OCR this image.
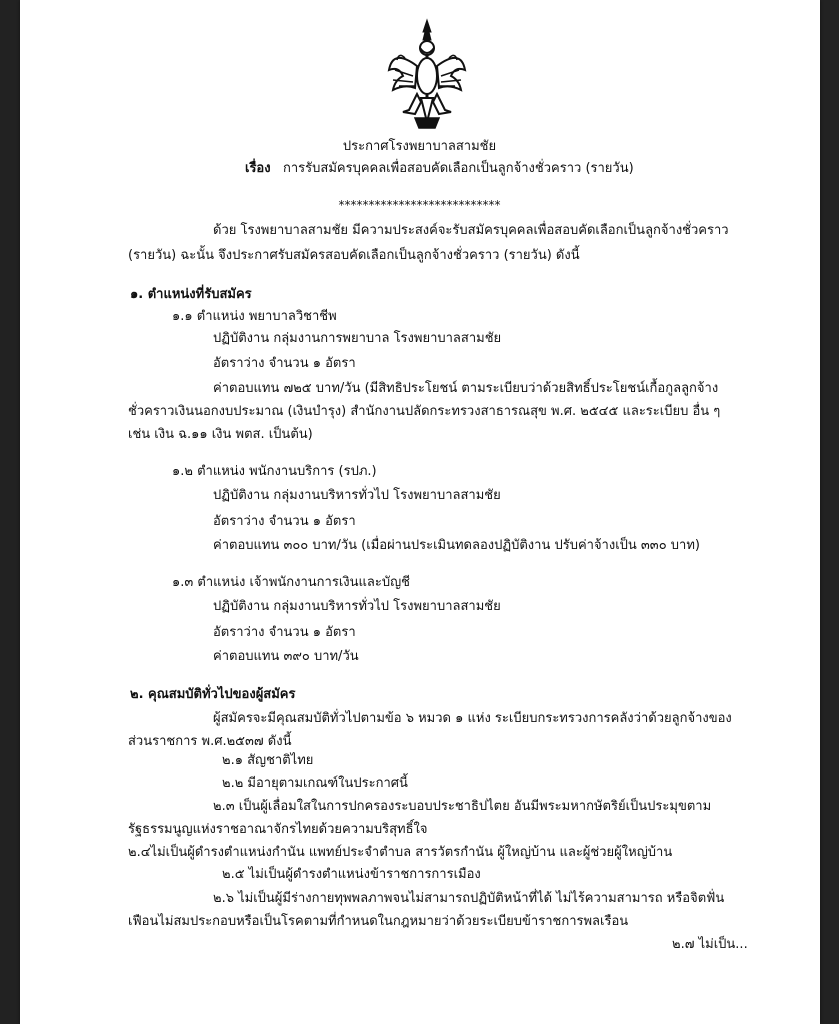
ประกาศโรงพยาบาลสามชัย
เรื่อง การรับสมัครบุคคลเพื่อสอบคัดเลือกเป็นลูกจ้างชั่วคราว (รายวัน)
***************************
ด้วย โรงพยาบาลสามชัย มีความประสงค์จะรับสมัครบุคคลเพื่อสอบคัดเลือกเป็นลูกจ้างชั่วคราว
(รายวัน) ฉะนั้น จึงประกาศรับสมัครสอบคัดเลือกเป็นลูกจ้างชั่วคราว (รายวัน) ดังนี้
๑. ตำแหน่งที่รับสมัคร
๑.๑ ตำแหน่ง พยาบาลวิชาชีพ
ปฏิบัติงาน กลุ่มงานการพยาบาล โรงพยาบาลสามชัย
อัตราว่าง จำนวน ๑ อัตรา
ค่าตอบแทน ๗๒๕ บาท/วัน (มีสิทธิประโยชน์ ตามระเบียบว่าด้วยสิทธิ์ประโยชน์เกื้อกูลลูกจ้าง
ชั่วคราวเงินนอกงบประมาณ (เงินบำรุง) สำนักงานปลัดกระทรวงสาธารณสุข พ.ศ. ๒๕๔๕ และระเบียบ อื่น ๆ
เช่น เงิน ฉ.๑๑ เงิน พตส. เป็นต้น)
๑.๒ ตำแหน่ง พนักงานบริการ (รปภ.)
ปฏิบัติงาน กลุ่มงานบริหารทั่วไป โรงพยาบาลสามชัย
อัตราว่าง จำนวน ๑ อัตรา
ค่าตอบแทน ๓๐๐ บาท/วัน (เมื่อผ่านประเมินทดลองปฏิบัติงาน ปรับค่าจ้างเป็น ๓๓๐ บาท)
๑.๓ ตำแหน่ง เจ้าพนักงานการเงินและบัญชี
ปฏิบัติงาน กลุ่มงานบริหารทั่วไป โรงพยาบาลสามชัย
อัตราว่าง จำนวน ๑ อัตรา
ค่าตอบแทน ๓๙๐ บาท/วัน
๒. คุณสมบัติทั่วไปของผู้สมัคร
ผู้สมัครจะมีคุณสมบัติทั่วไปตามข้อ ๖ หมวด ๑ แห่ง ระเบียบกระทรวงการคลังว่าด้วยลูกจ้างของ
ส่วนราชการ พ.ศ.๒๕๓๗ ดังนี้
๒.๑ สัญชาติไทย
๒.๒ มีอายุตามเกณฑ์ในประกาศนี้
๒.๓ เป็นผู้เลื่อมใสในการปกครองระบอบประชาธิปไตย อันมีพระมหากษัตริย์เป็นประมุขตาม
รัฐธรรมนูญแห่งราชอาณาจักรไทยด้วยความบริสุทธิ์ใจ
๒.๔ไม่เป็นผู้ดำรงตำแหน่งกำนัน แพทย์ประจำตำบล สารวัตรกำนัน ผู้ใหญ่บ้าน และผู้ช่วยผู้ใหญ่บ้าน
๒.๕ ไม่เป็นผู้ดำรงตำแหน่งข้าราชการการเมือง
๒.๖ ไม่เป็นผู้มีร่างกายทุพพลภาพจนไม่สามารถปฏิบัติหน้าที่ได้ ไม่ไร้ความสามารถ หรือจิตฟั่น
เฟือนไม่สมประกอบหรือเป็นโรคตามที่กำหนดในกฎหมายว่าด้วยระเบียบข้าราชการพลเรือน
๒.๗ ไม่เป็น...
